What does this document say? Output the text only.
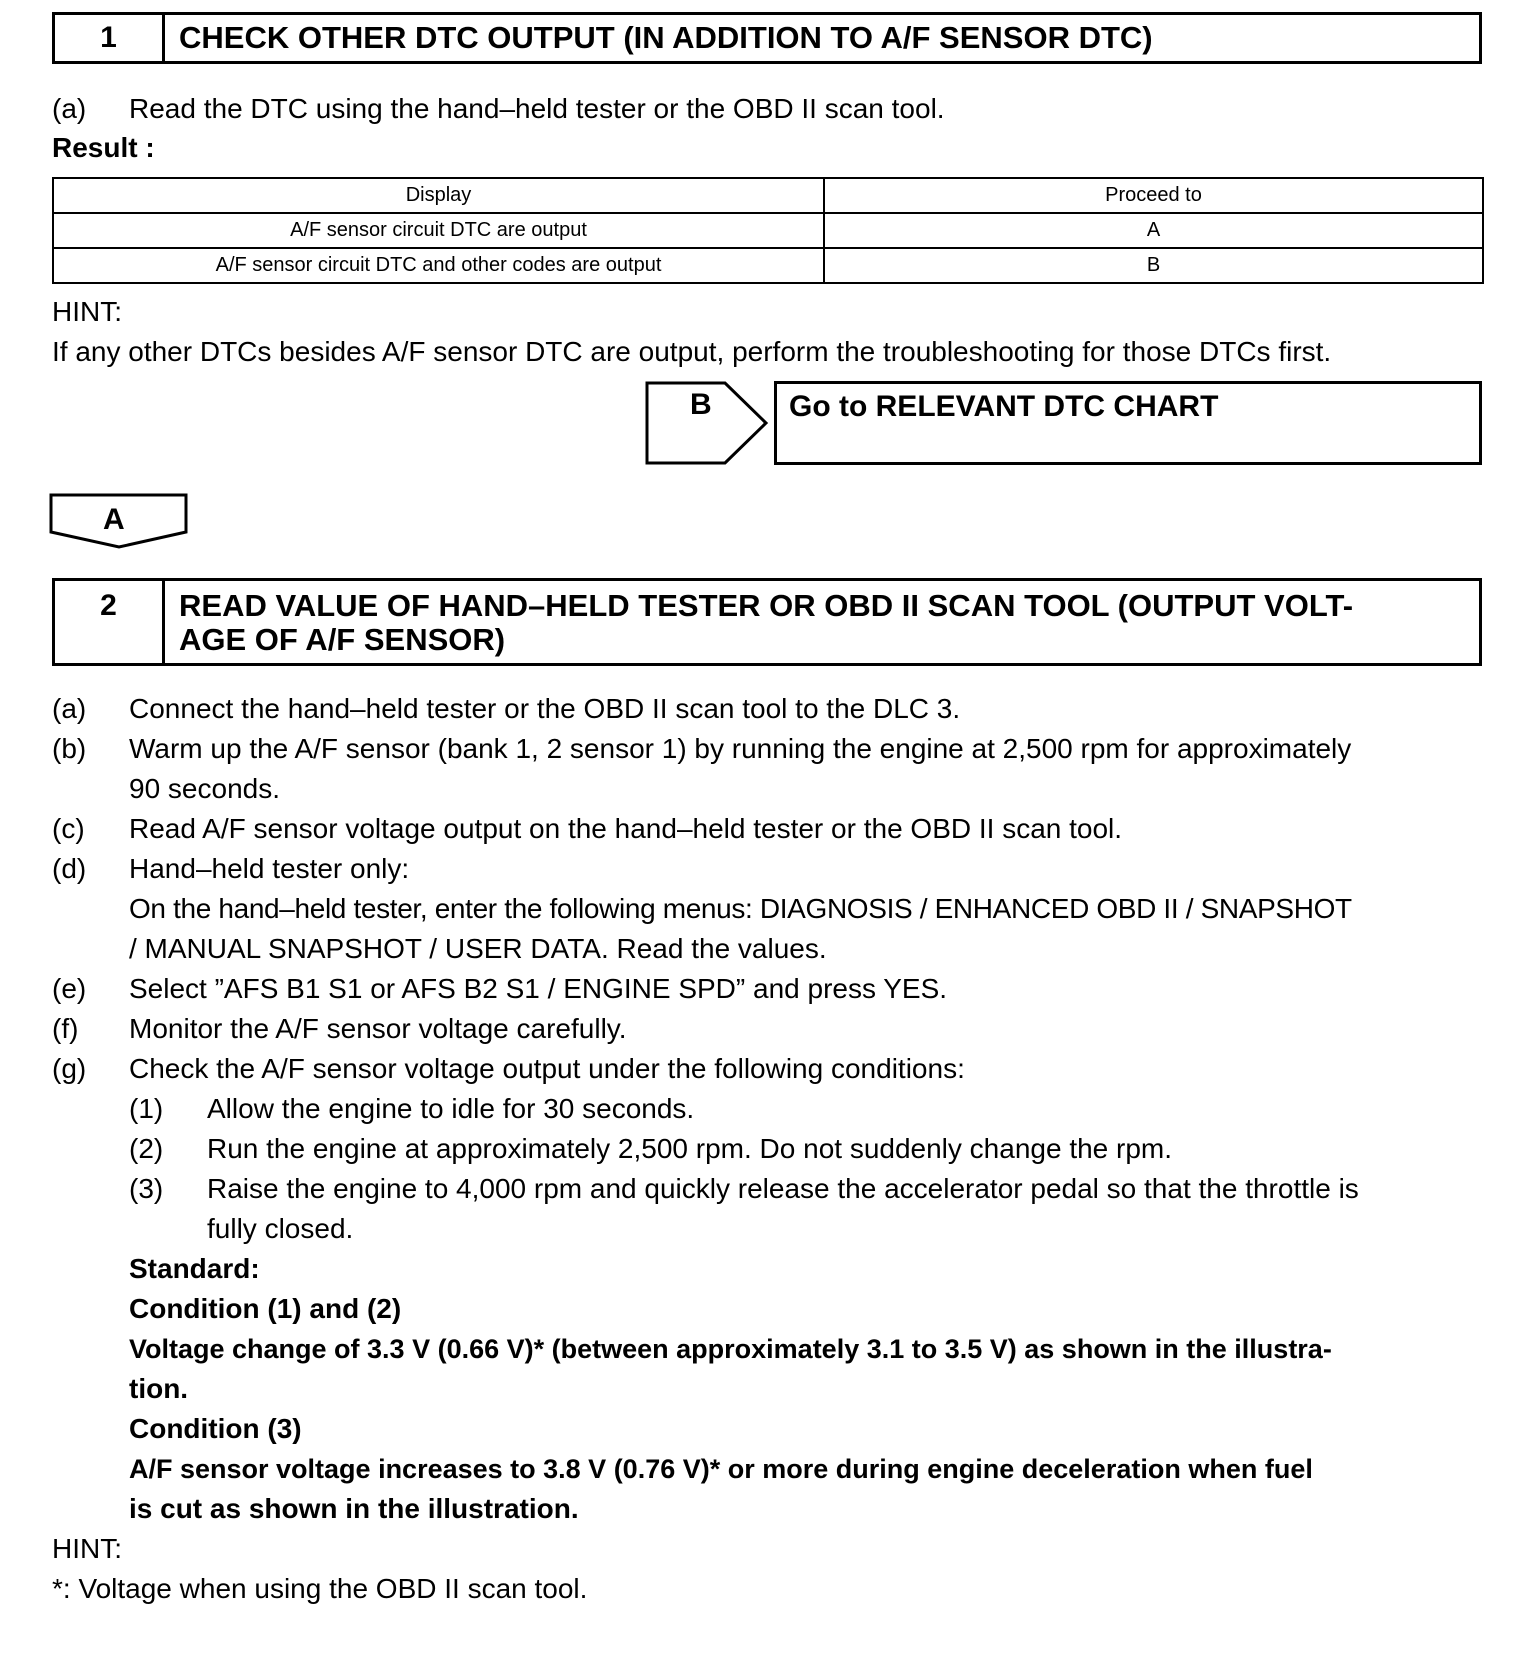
1	CHECK OTHER DTC OUTPUT (IN ADDITION TO A/F SENSOR DTC)
(a) Read the DTC using the hand–held tester or the OBD II scan tool.
Result :
Display	Proceed to
A/F sensor circuit DTC are output	A
A/F sensor circuit DTC and other codes are output	B
HINT:
If any other DTCs besides A/F sensor DTC are output, perform the troubleshooting for those DTCs first.
B	Go to RELEVANT DTC CHART
A
2	READ VALUE OF HAND–HELD TESTER OR OBD II SCAN TOOL (OUTPUT VOLT-
AGE OF A/F SENSOR)
(a) Connect the hand–held tester or the OBD II scan tool to the DLC 3.
(b) Warm up the A/F sensor (bank 1, 2 sensor 1) by running the engine at 2,500 rpm for approximately
90 seconds.
(c) Read A/F sensor voltage output on the hand–held tester or the OBD II scan tool.
(d) Hand–held tester only:
On the hand–held tester, enter the following menus: DIAGNOSIS / ENHANCED OBD II / SNAPSHOT
/ MANUAL SNAPSHOT / USER DATA. Read the values.
(e) Select ”AFS B1 S1 or AFS B2 S1 / ENGINE SPD” and press YES.
(f) Monitor the A/F sensor voltage carefully.
(g) Check the A/F sensor voltage output under the following conditions:
(1) Allow the engine to idle for 30 seconds.
(2) Run the engine at approximately 2,500 rpm. Do not suddenly change the rpm.
(3) Raise the engine to 4,000 rpm and quickly release the accelerator pedal so that the throttle is
fully closed.
Standard:
Condition (1) and (2)
Voltage change of 3.3 V (0.66 V)* (between approximately 3.1 to 3.5 V) as shown in the illustra-
tion.
Condition (3)
A/F sensor voltage increases to 3.8 V (0.76 V)* or more during engine deceleration when fuel
is cut as shown in the illustration.
HINT:
*: Voltage when using the OBD II scan tool.
